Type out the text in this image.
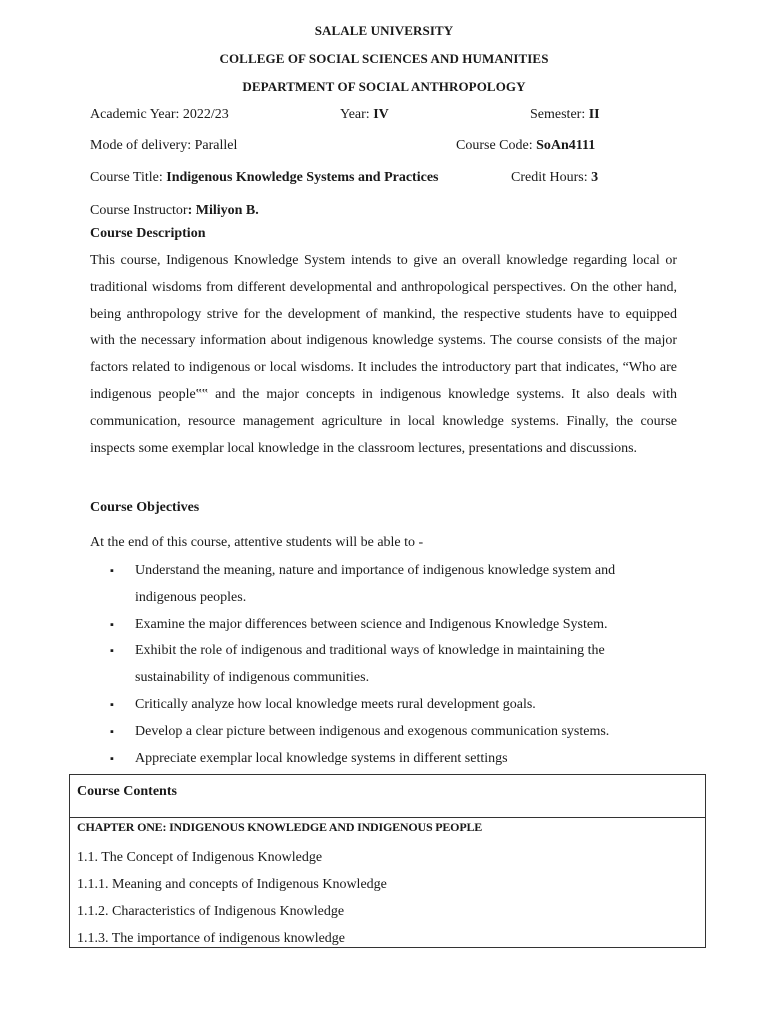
SALALE UNIVERSITY
COLLEGE OF SOCIAL SCIENCES AND HUMANITIES
DEPARTMENT OF SOCIAL ANTHROPOLOGY
Academic Year: 2022/23	Year: IV	Semester: II
Mode of delivery: Parallel	Course Code: SoAn4111
Course Title: Indigenous Knowledge Systems and Practices	Credit Hours: 3
Course Instructor: Miliyon B.
Course Description
This course, Indigenous Knowledge System intends to give an overall knowledge regarding local or traditional wisdoms from different developmental and anthropological perspectives. On the other hand, being anthropology strive for the development of mankind, the respective students have to equipped with the necessary information about indigenous knowledge systems. The course consists of the major factors related to indigenous or local wisdoms. It includes the introductory part that indicates, “Who are indigenous people‟‟ and the major concepts in indigenous knowledge systems. It also deals with communication, resource management agriculture in local knowledge systems. Finally, the course inspects some exemplar local knowledge in the classroom lectures, presentations and discussions.
Course Objectives
At the end of this course, attentive students will be able to -
▪ Understand the meaning, nature and importance of indigenous knowledge system and indigenous peoples.
▪ Examine the major differences between science and Indigenous Knowledge System.
▪ Exhibit the role of indigenous and traditional ways of knowledge in maintaining the sustainability of indigenous communities.
▪ Critically analyze how local knowledge meets rural development goals.
▪ Develop a clear picture between indigenous and exogenous communication systems.
▪ Appreciate exemplar local knowledge systems in different settings
Course Contents
CHAPTER ONE: INDIGENOUS KNOWLEDGE AND INDIGENOUS PEOPLE
1.1. The Concept of Indigenous Knowledge
1.1.1. Meaning and concepts of Indigenous Knowledge
1.1.2. Characteristics of Indigenous Knowledge
1.1.3. The importance of indigenous knowledge
